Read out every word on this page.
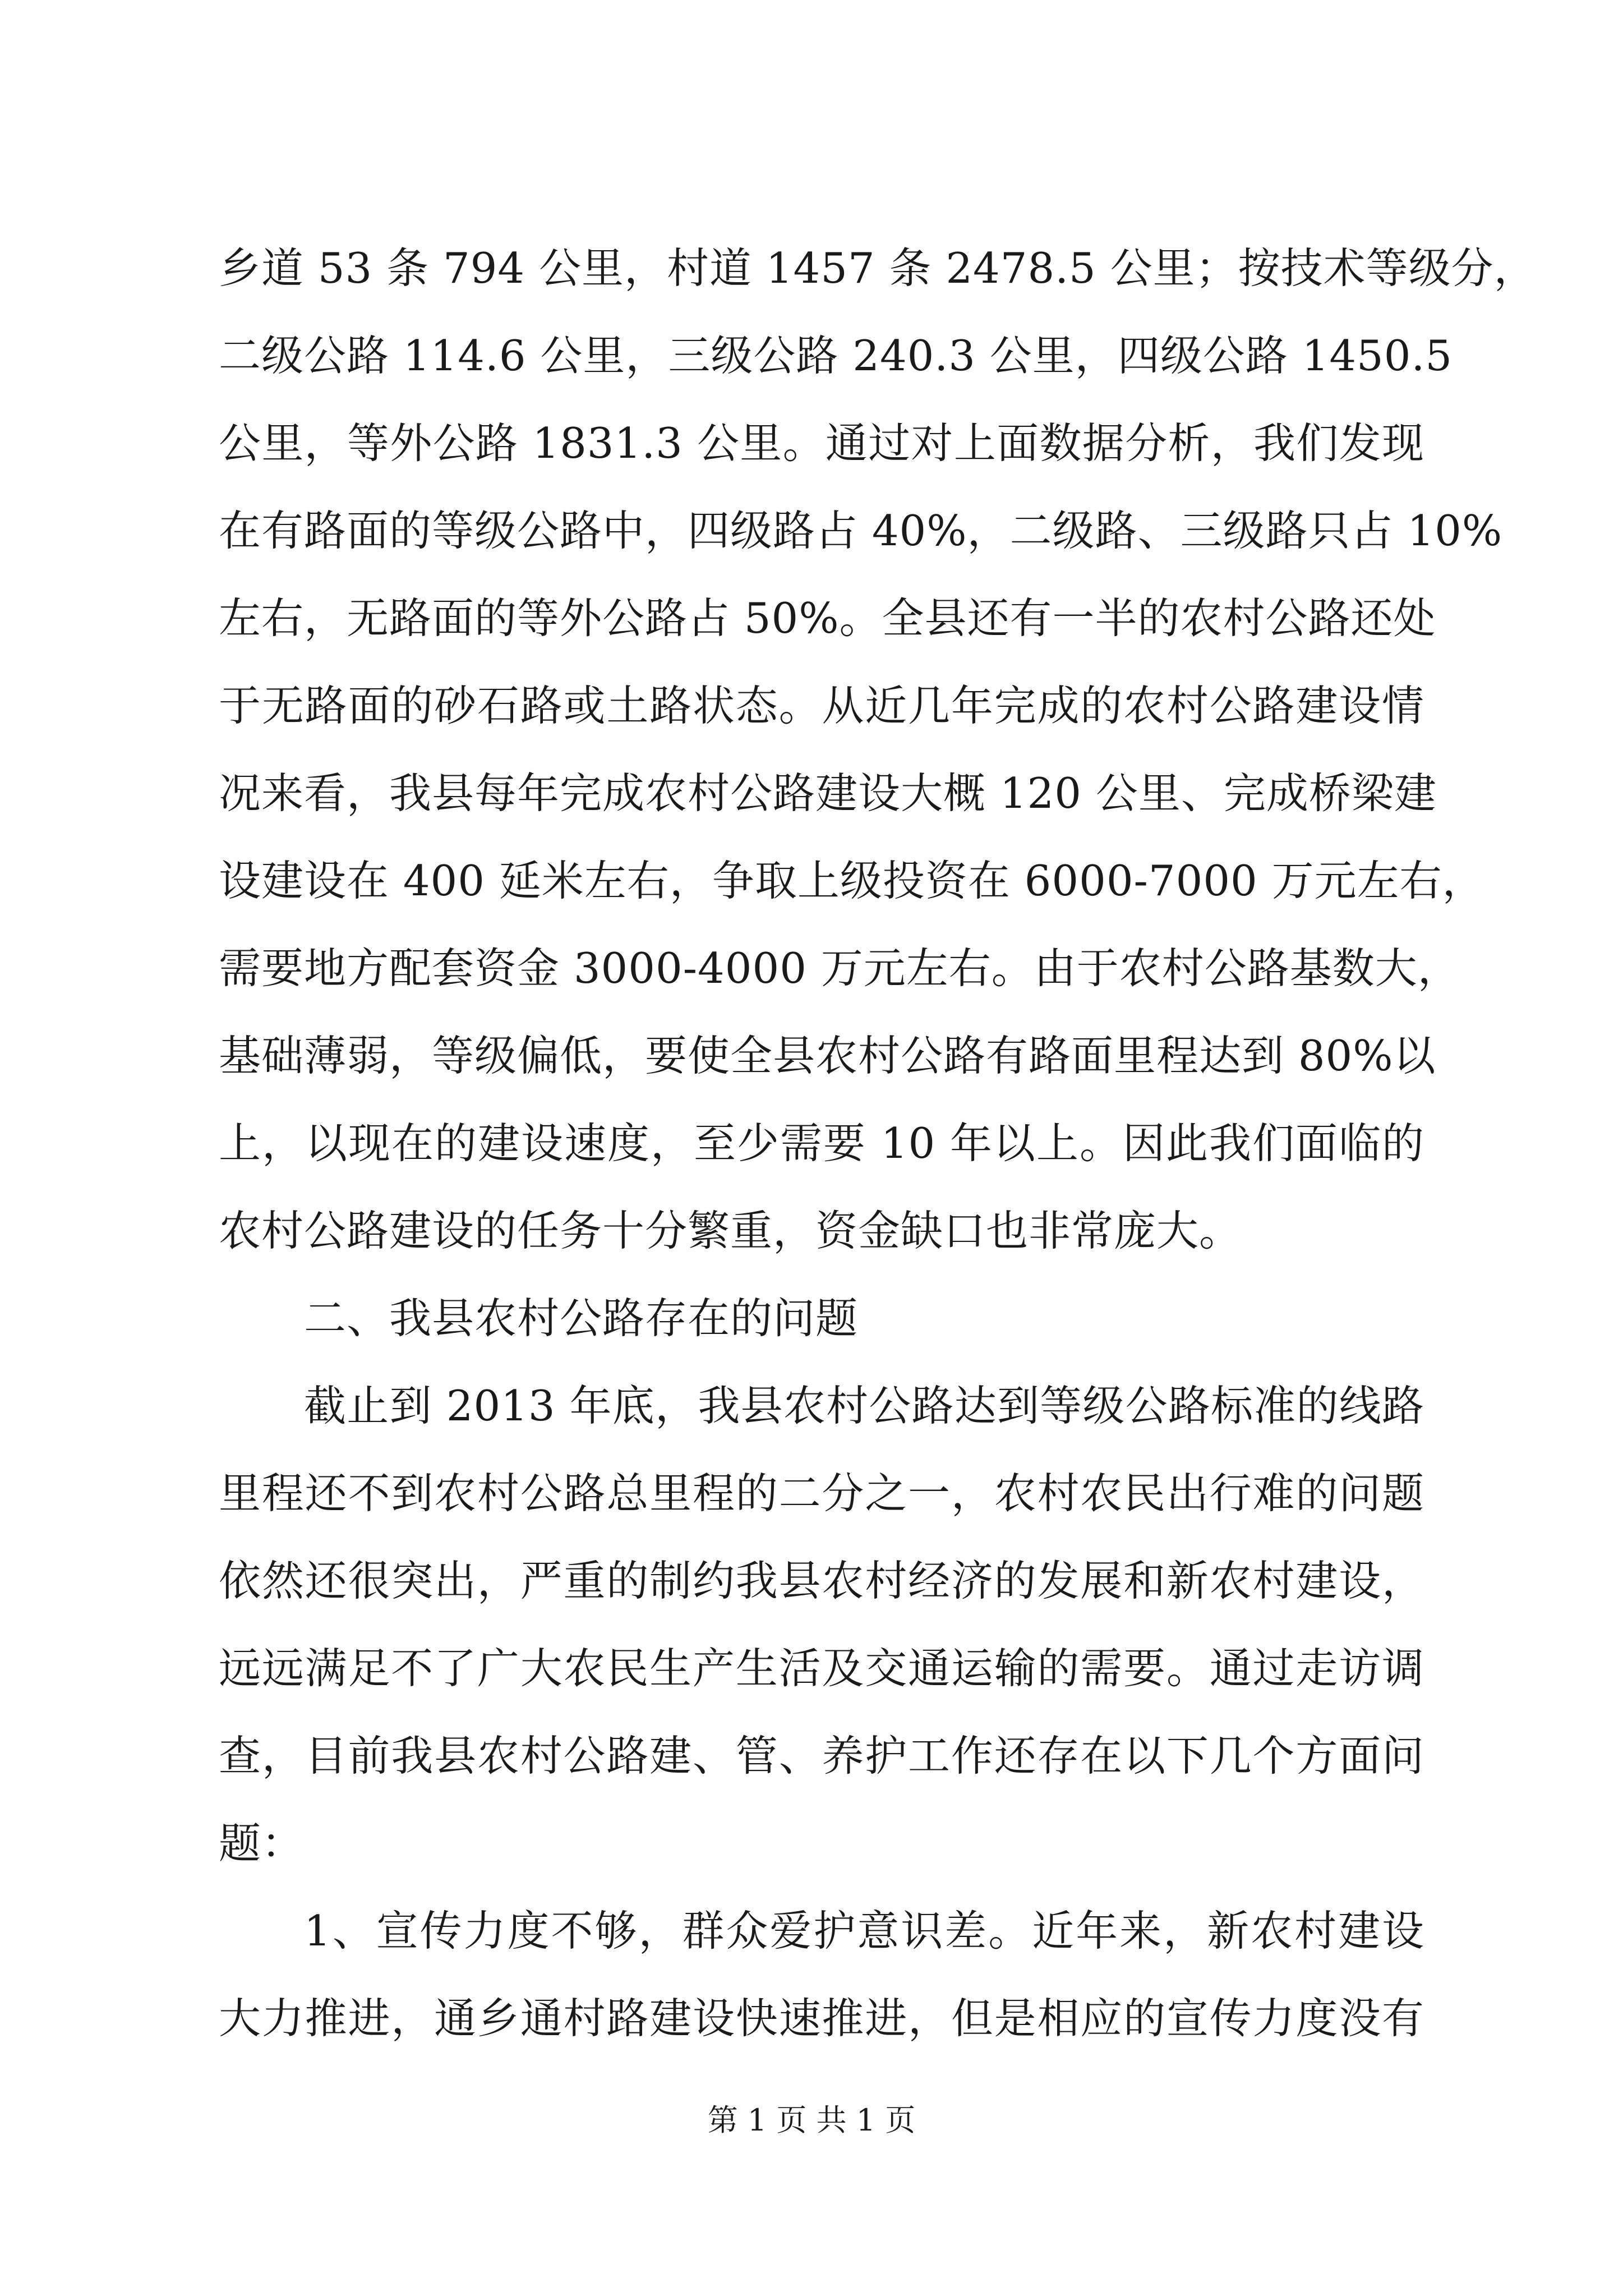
乡道 53 条 794 公里，村道 1457 条 2478.5 公里；按技术等级分，
二级公路 114.6 公里，三级公路 240.3 公里，四级公路 1450.5
公里，等外公路 1831.3 公里。通过对上面数据分析，我们发现
在有路面的等级公路中，四级路占 40%，二级路、三级路只占 10%
左右，无路面的等外公路占 50%。全县还有一半的农村公路还处
于无路面的砂石路或土路状态。从近几年完成的农村公路建设情
况来看，我县每年完成农村公路建设大概 120 公里、完成桥梁建
设建设在 400 延米左右，争取上级投资在 6000-7000 万元左右，
需要地方配套资金 3000-4000 万元左右。由于农村公路基数大，
基础薄弱，等级偏低，要使全县农村公路有路面里程达到 80%以
上，以现在的建设速度，至少需要 10 年以上。因此我们面临的
农村公路建设的任务十分繁重，资金缺口也非常庞大。
二、我县农村公路存在的问题
截止到 2013 年底，我县农村公路达到等级公路标准的线路
里程还不到农村公路总里程的二分之一，农村农民出行难的问题
依然还很突出，严重的制约我县农村经济的发展和新农村建设，
远远满足不了广大农民生产生活及交通运输的需要。通过走访调
查，目前我县农村公路建、管、养护工作还存在以下几个方面问
题：
1、宣传力度不够，群众爱护意识差。近年来，新农村建设
大力推进，通乡通村路建设快速推进，但是相应的宣传力度没有
第 1 页 共 1 页
